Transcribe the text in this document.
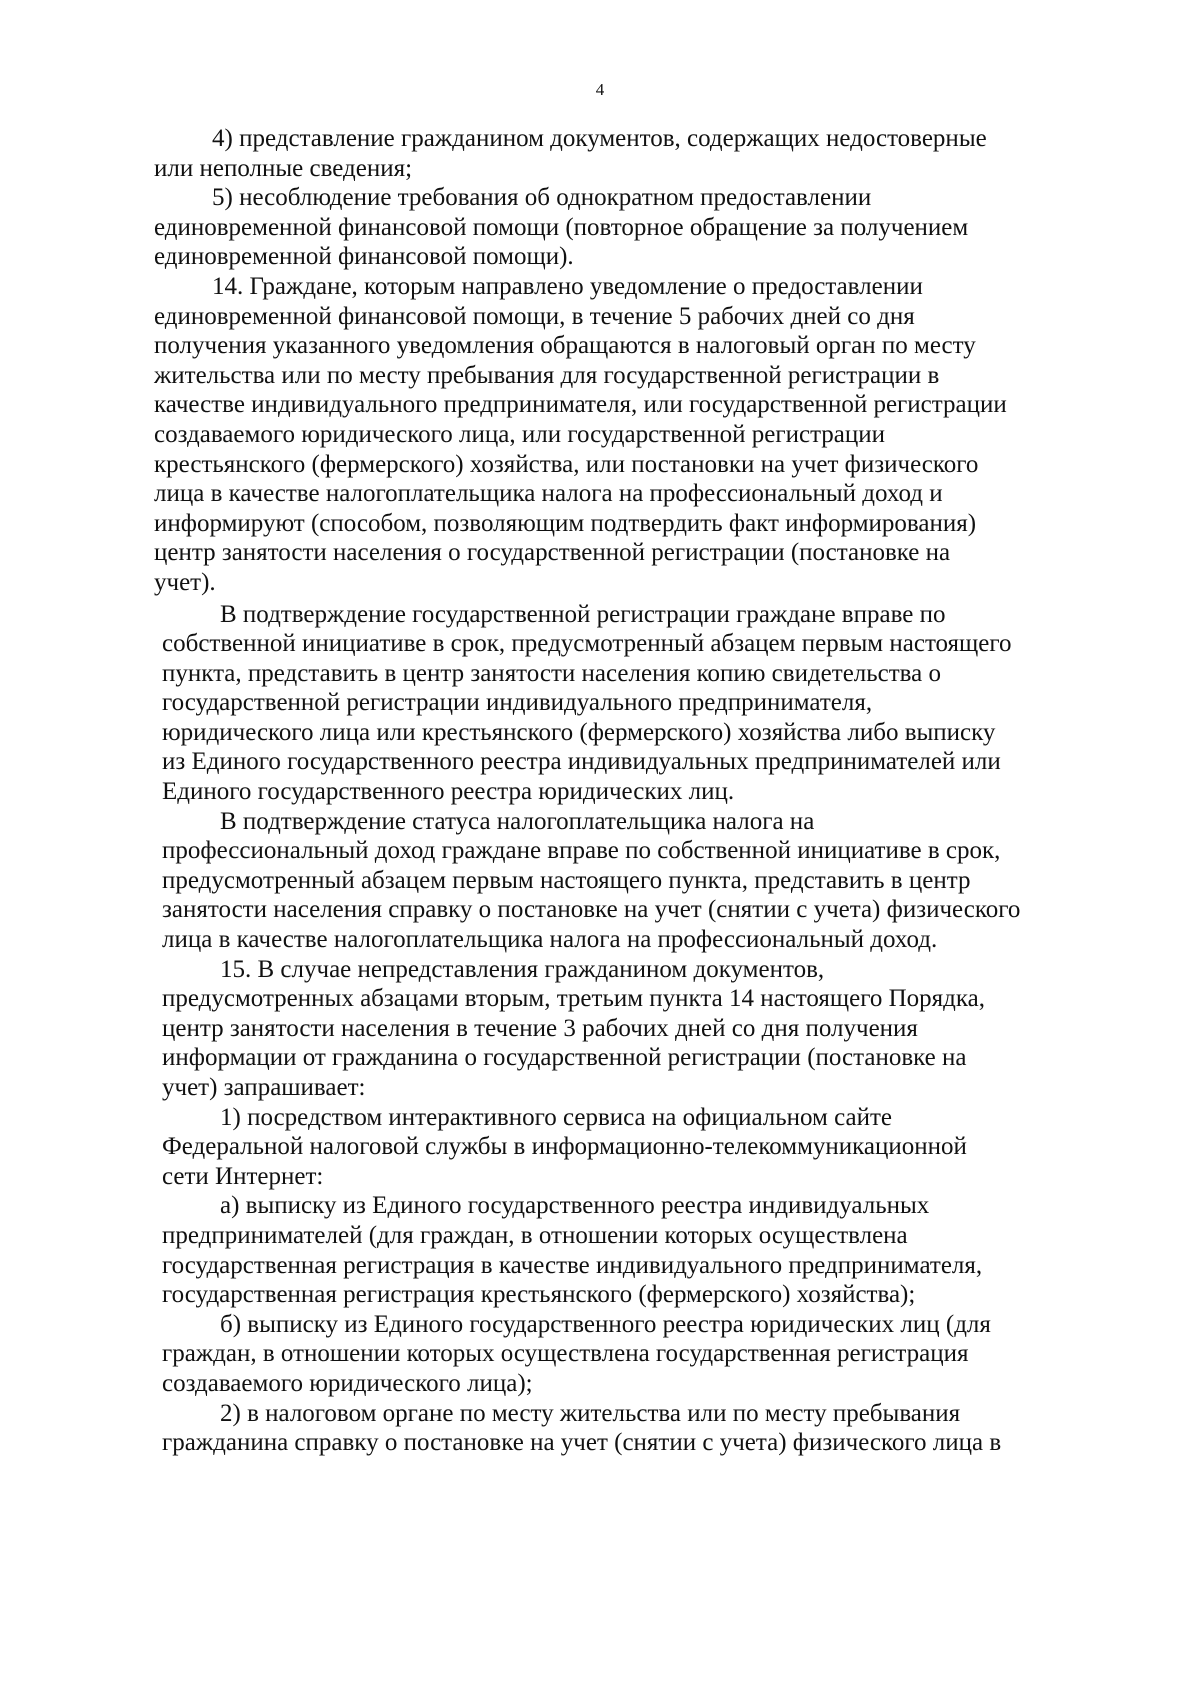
4

4) представление гражданином документов, содержащих недостоверные
или неполные сведения;

5) несоблюдение требования об однократном предоставлении
единовременной финансовой помощи (повторное обращение за получением
единовременной финансовой помощи).

14. Граждане, которым направлено уведомление о предоставлении
единовременной финансовой помощи, в течение 5 рабочих дней со дня
получения указанного уведомления обращаются в налоговый орган по месту
жительства или по месту пребывания для государственной регистрации в
качестве индивидуального предпринимателя, или государственной регистрации
создаваемого юридического лица, или государственной регистрации
крестьянского (фермерского) хозяйства, или постановки на учет физического
лица в качестве налогоплательщика налога на профессиональный доход и
информируют (способом, позволяющим подтвердить факт информирования)
центр занятости населения о государственной регистрации (постановке на
учет).

В подтверждение государственной регистрации граждане вправе по
собственной инициативе в срок, предусмотренный абзацем первым настоящего
пункта, представить в центр занятости населения копию свидетельства о
государственной регистрации индивидуального предпринимателя,
юридического лица или крестьянского (фермерского) хозяйства либо выписку
из Единого государственного реестра индивидуальных предпринимателей или
Единого государственного реестра юридических лиц.

В подтверждение статуса налогоплательщика налога на
профессиональный доход граждане вправе по собственной инициативе в срок,
предусмотренный абзацем первым настоящего пункта, представить в центр
занятости населения справку о постановке на учет (снятии с учета) физического
лица в качестве налогоплательщика налога на профессиональный доход.

15. В случае непредставления гражданином документов,
предусмотренных абзацами вторым, третьим пункта 14 настоящего Порядка,
центр занятости населения в течение 3 рабочих дней со дня получения
информации от гражданина о государственной регистрации (постановке на
учет) запрашивает:

1) посредством интерактивного сервиса на официальном сайте
Федеральной налоговой службы в информационно-телекоммуникационной
сети Интернет:

а) выписку из Единого государственного реестра индивидуальных
предпринимателей (для граждан, в отношении которых осуществлена
государственная регистрация в качестве индивидуального предпринимателя,
государственная регистрация крестьянского (фермерского) хозяйства);

б) выписку из Единого государственного реестра юридических лиц (для
граждан, в отношении которых осуществлена государственная регистрация
создаваемого юридического лица);

2) в налоговом органе по месту жительства или по месту пребывания
гражданина справку о постановке на учет (снятии с учета) физического лица в
